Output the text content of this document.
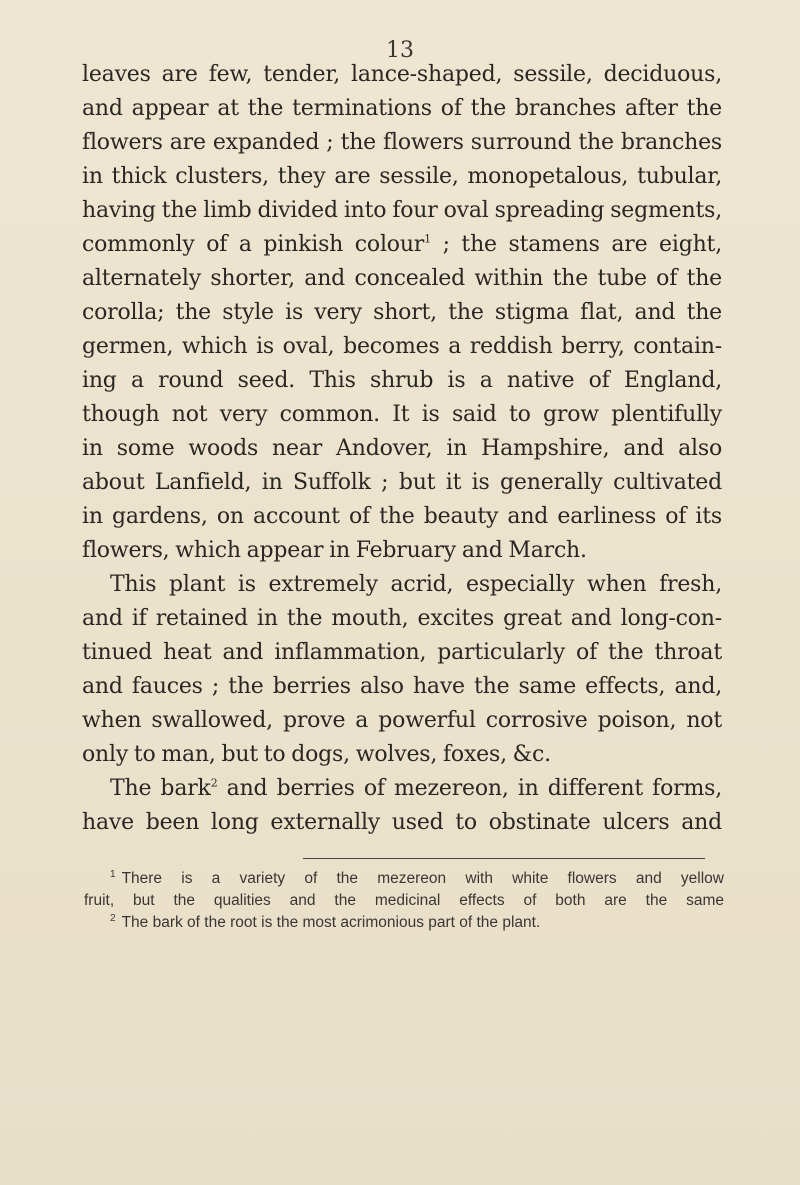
13
leaves are few, tender, lance-shaped, sessile, deciduous,
and appear at the terminations of the branches after the
flowers are expanded ; the flowers surround the branches
in thick clusters, they are sessile, monopetalous, tubular,
having the limb divided into four oval spreading segments,
commonly of a pinkish colour$^1$ ; the stamens are eight,
alternately shorter, and concealed within the tube of the
corolla; the style is very short, the stigma flat, and the
germen, which is oval, becomes a reddish berry, contain-
ing a round seed. This shrub is a native of England,
though not very common. It is said to grow plentifully
in some woods near Andover, in Hampshire, and also
about Lanfield, in Suffolk ; but it is generally cultivated
in gardens, on account of the beauty and earliness of its
flowers, which appear in February and March.
This plant is extremely acrid, especially when fresh,
and if retained in the mouth, excites great and long-con-
tinued heat and inflammation, particularly of the throat
and fauces ; the berries also have the same effects, and,
when swallowed, prove a powerful corrosive poison, not
only to man, but to dogs, wolves, foxes, &c.
The bark$^2$ and berries of mezereon, in different forms,
have been long externally used to obstinate ulcers and
$^1$ There is a variety of the mezereon with white flowers and yellow
fruit, but the qualities and the medicinal effects of both are the same
$^2$ The bark of the root is the most acrimonious part of the plant.
